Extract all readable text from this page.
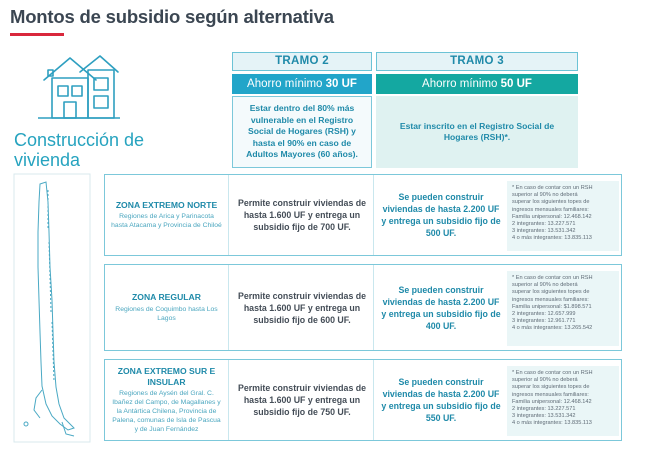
Montos de subsidio según alternativa
Construcción de vivienda
TRAMO 2	TRAMO 3
Ahorro mínimo 30 UF	Ahorro mínimo 50 UF
Estar dentro del 80% más vulnerable en el Registro Social de Hogares (RSH) y hasta el 90% en caso de Adultos Mayores (60 años).
Estar inscrito en el Registro Social de Hogares (RSH)*.
ZONA EXTREMO NORTE
Regiones de Arica y Parinacota hasta Atacama y Provincia de Chiloé
Permite construir viviendas de hasta 1.600 UF y entrega un subsidio fijo de 700 UF.
Se pueden construir viviendas de hasta 2.200 UF y entrega un subsidio fijo de 500 UF.
* En caso de contar con un RSH
superior al 90% no deberá
superar los siguientes topes de
ingresos mensuales familiares:
Familia unipersonal: 12.468.142
2 integrantes: 13.227.571
3 integrantes: 13.531.342
4 o más integrantes: 13.835.113
ZONA REGULAR
Regiones de Coquimbo hasta Los Lagos
Permite construir viviendas de hasta 1.600 UF y entrega un subsidio fijo de 600 UF.
Se pueden construir viviendas de hasta 2.200 UF y entrega un subsidio fijo de 400 UF.
* En caso de contar con un RSH
superior al 90% no deberá
superar los siguientes topes de
ingresos mensuales familiares:
Familia unipersonal: $1.898.571
2 integrantes: 12.657.999
3 integrantes: 12.961.771
4 o más integrantes: 13.265.542
ZONA EXTREMO SUR E INSULAR
Regiones de Aysén del Gral. C. Ibañez del Campo, de Magallanes y la Antártica Chilena, Provincia de Palena, comunas de Isla de Pascua y de Juan Fernández
Permite construir viviendas de hasta 1.600 UF y entrega un subsidio fijo de 750 UF.
Se pueden construir viviendas de hasta 2.200 UF y entrega un subsidio fijo de 550 UF.
* En caso de contar con un RSH
superior al 90% no deberá
superar los siguientes topes de
ingresos mensuales familiares:
Familia unipersonal: 12.468.142
2 integrantes: 13.227.571
3 integrantes: 13.531.342
4 o más integrantes: 13.835.113
